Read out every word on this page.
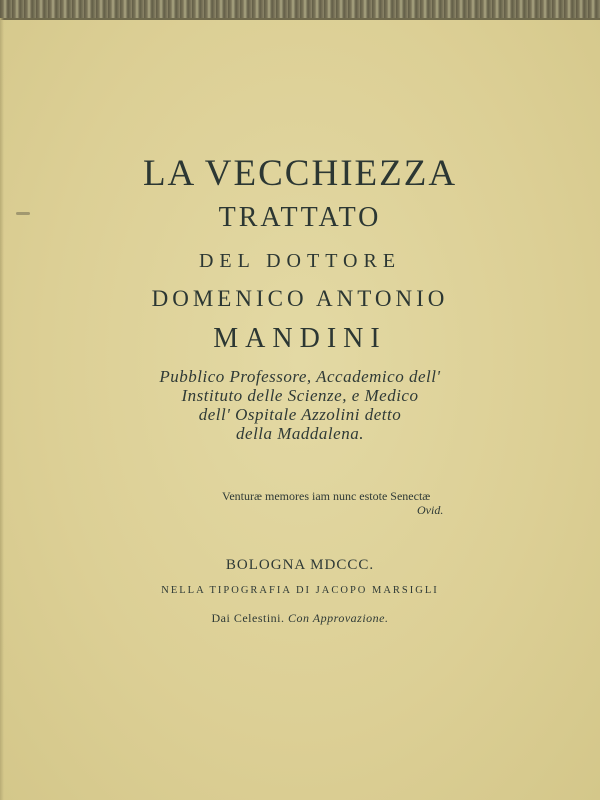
LA VECCHIEZZA
TRATTATO
DEL DOTTORE
DOMENICO ANTONIO
MANDINI
Pubblico Professore, Accademico dell'
Instituto delle Scienze, e Medico
dell' Ospitale Azzolini detto
della Maddalena.
Venturæ memores iam nunc estote Senectæ
Ovid.
BOLOGNA MDCCC.
NELLA TIPOGRAFIA DI JACOPO MARSIGLI
Dai Celestini. Con Approvazione.
